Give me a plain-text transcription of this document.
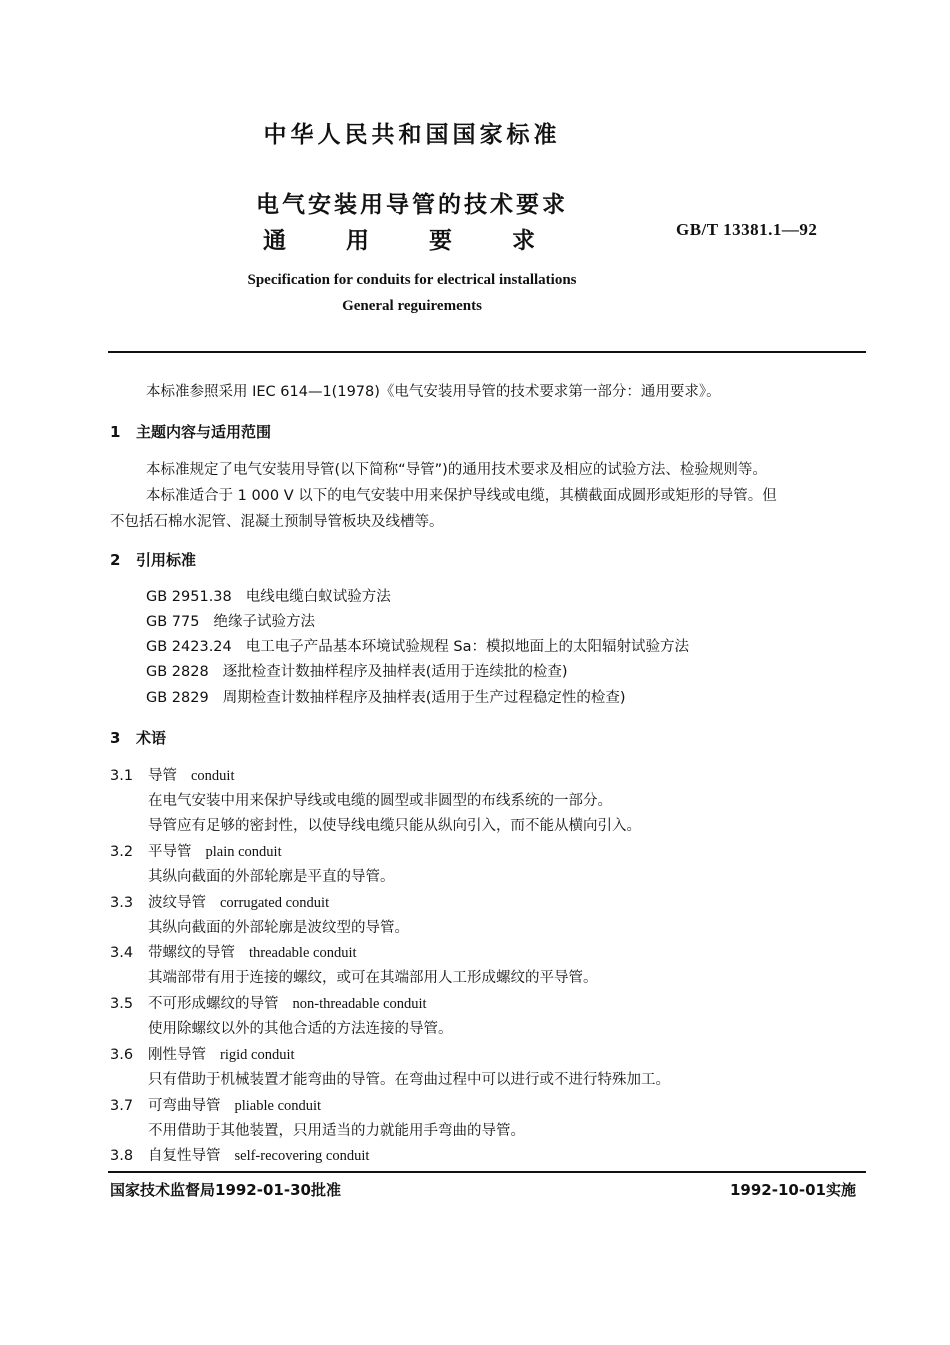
中华人民共和国国家标准
电气安装用导管的技术要求
通 用 要 求	GB/T 13381.1—92
Specification for conduits for electrical installations
General reguirements
本标准参照采用 IEC 614—1(1978)《电气安装用导管的技术要求第一部分：通用要求》。
1 主题内容与适用范围
本标准规定了电气安装用导管(以下简称“导管”)的通用技术要求及相应的试验方法、检验规则等。
本标准适合于 1 000 V 以下的电气安装中用来保护导线或电缆，其横截面成圆形或矩形的导管。但
不包括石棉水泥管、混凝土预制导管板块及线槽等。
2 引用标准
GB 2951.38 电线电缆白蚁试验方法
GB 775 绝缘子试验方法
GB 2423.24 电工电子产品基本环境试验规程 Sa：模拟地面上的太阳辐射试验方法
GB 2828 逐批检查计数抽样程序及抽样表(适用于连续批的检查)
GB 2829 周期检查计数抽样程序及抽样表(适用于生产过程稳定性的检查)
3 术语
3.1 导管 conduit
在电气安装中用来保护导线或电缆的圆型或非圆型的布线系统的一部分。
导管应有足够的密封性，以使导线电缆只能从纵向引入，而不能从横向引入。
3.2 平导管 plain conduit
其纵向截面的外部轮廓是平直的导管。
3.3 波纹导管 corrugated conduit
其纵向截面的外部轮廓是波纹型的导管。
3.4 带螺纹的导管 threadable conduit
其端部带有用于连接的螺纹，或可在其端部用人工形成螺纹的平导管。
3.5 不可形成螺纹的导管 non-threadable conduit
使用除螺纹以外的其他合适的方法连接的导管。
3.6 刚性导管 rigid conduit
只有借助于机械装置才能弯曲的导管。在弯曲过程中可以进行或不进行特殊加工。
3.7 可弯曲导管 pliable conduit
不用借助于其他装置，只用适当的力就能用手弯曲的导管。
3.8 自复性导管 self-recovering conduit
国家技术监督局1992-01-30批准	1992-10-01实施
